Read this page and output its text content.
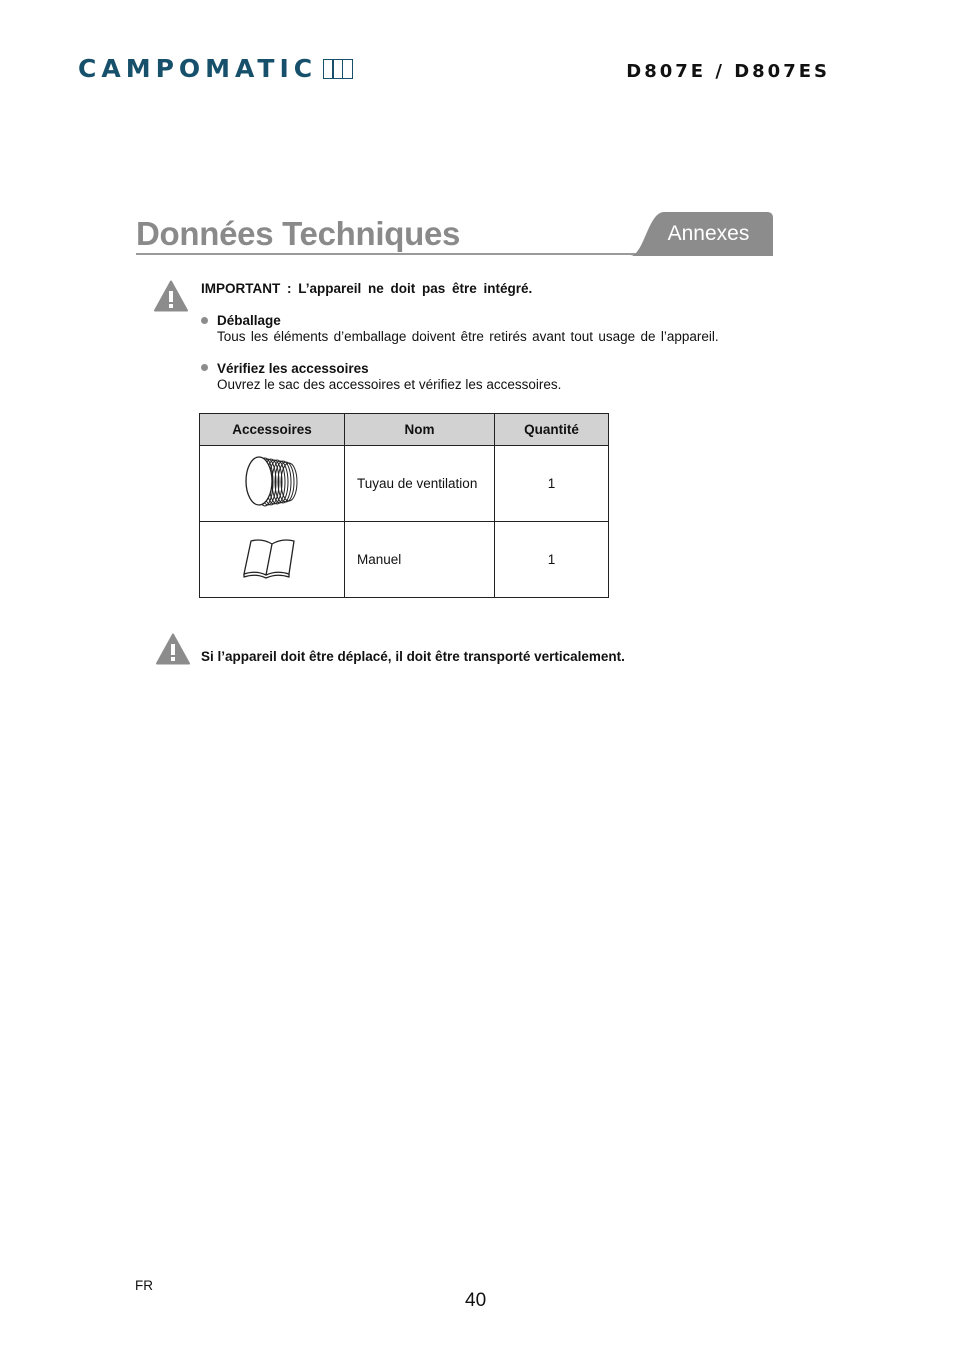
CAMPOMATIC	D807E / D807ES
Données Techniques	Annexes
IMPORTANT : L’appareil ne doit pas être intégré.
Déballage
Tous les éléments d’emballage doivent être retirés avant tout usage de l’appareil.
Vérifiez les accessoires
Ouvrez le sac des accessoires et vérifiez les accessoires.
Accessoires	Nom	Quantité
	Tuyau de ventilation	1
	Manuel	1
Si l’appareil doit être déplacé, il doit être transporté verticalement.
FR
40
